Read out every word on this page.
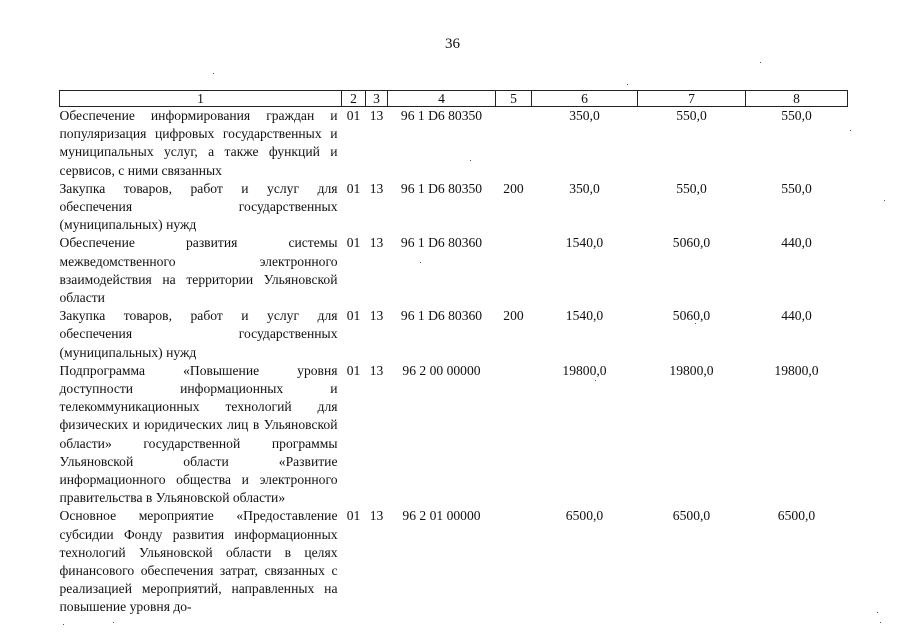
36
1	2	3	4	5	6	7	8
Обеспечение информирования граждан и популяризация цифровых государственных и муниципальных услуг, а также функций и сервисов, с ними связанных	01	13	96 1 D6 80350		350,0	550,0	550,0
Закупка товаров, работ и услуг для обеспечения государственных (муниципальных) нужд	01	13	96 1 D6 80350	200	350,0	550,0	550,0
Обеспечение развития системы межведомственного электронного взаимодействия на территории Ульяновской области	01	13	96 1 D6 80360		1540,0	5060,0	440,0
Закупка товаров, работ и услуг для обеспечения государственных (муниципальных) нужд	01	13	96 1 D6 80360	200	1540,0	5060,0	440,0
Подпрограмма «Повышение уровня доступности информационных и телекоммуникационных технологий для физических и юридических лиц в Ульяновской области» государственной программы Ульяновской области «Развитие информационного общества и электронного правительства в Ульяновской области»	01	13	96 2 00 00000		19800,0	19800,0	19800,0
Основное мероприятие «Предоставление субсидии Фонду развития информационных технологий Ульяновской области в целях финансового обеспечения затрат, связанных с реализацией мероприятий, направленных на повышение уровня до-	01	13	96 2 01 00000		6500,0	6500,0	6500,0
